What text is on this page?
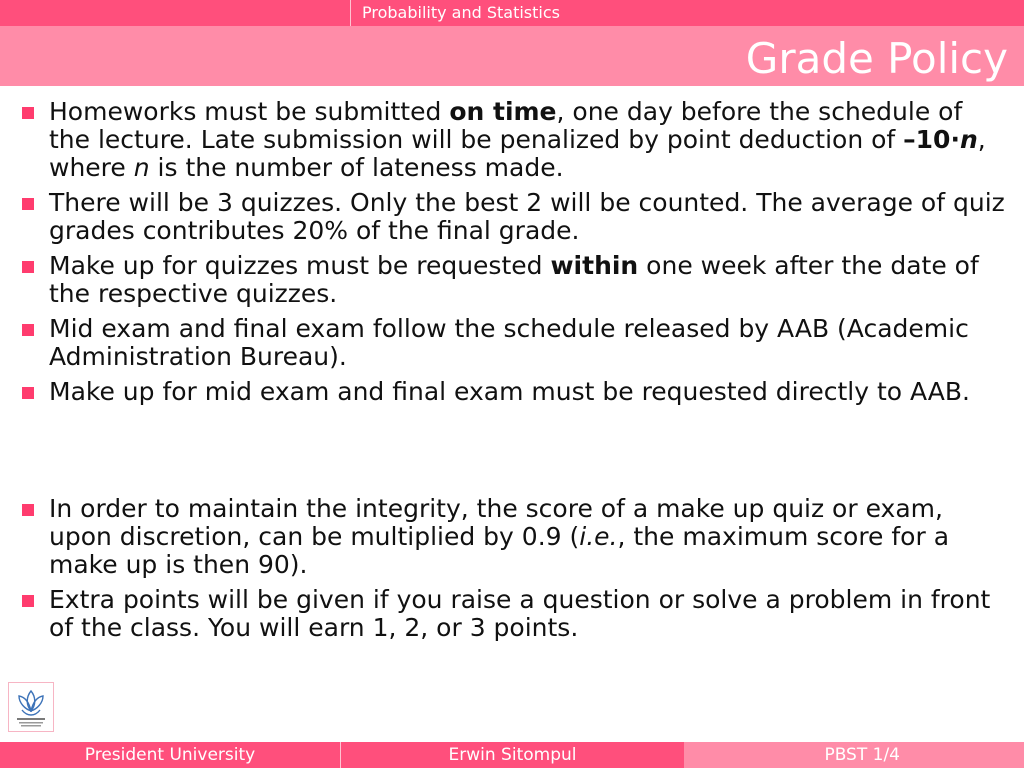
Probability and Statistics
Grade Policy
Homeworks must be submitted on time, one day before the schedule of the lecture. Late submission will be penalized by point deduction of –10·n, where n is the number of lateness made.
There will be 3 quizzes. Only the best 2 will be counted. The average of quiz grades contributes 20% of the final grade.
Make up for quizzes must be requested within one week after the date of the respective quizzes.
Mid exam and final exam follow the schedule released by AAB (Academic Administration Bureau).
Make up for mid exam and final exam must be requested directly to AAB.
In order to maintain the integrity, the score of a make up quiz or exam, upon discretion, can be multiplied by 0.9 (i.e., the maximum score for a make up is then 90).
Extra points will be given if you raise a question or solve a problem in front of the class. You will earn 1, 2, or 3 points.
President University	Erwin Sitompul	PBST 1/4
